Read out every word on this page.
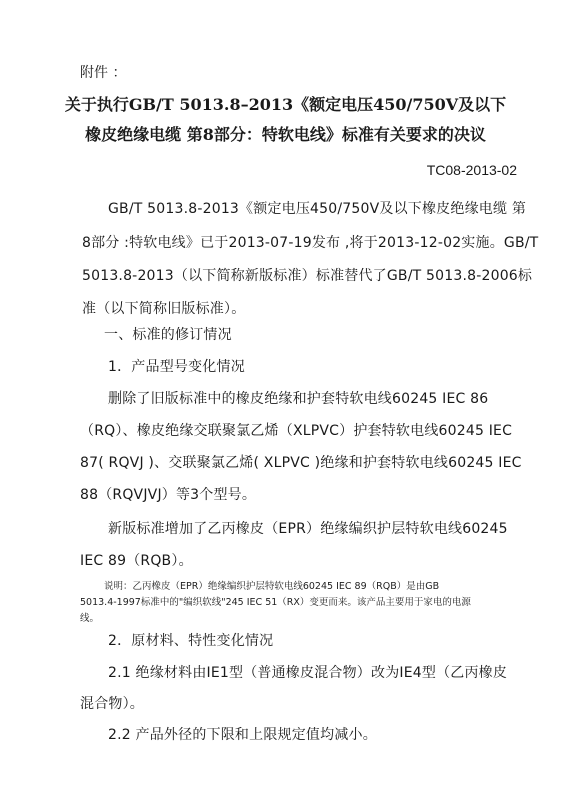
附件 ：
关于执行GB/T 5013.8–2013《额定电压450/750V及以下
橡皮绝缘电缆 第8部分：特软电线》标准有关要求的决议
TC08-2013-02
GB/T 5013.8-2013《额定电压450/750V及以下橡皮绝缘电缆 第
8部分 :特软电线》已于2013-07-19发布 ,将于2013-12-02实施。GB/T
5013.8-2013（以下简称新版标准）标准替代了GB/T 5013.8-2006标
准（以下简称旧版标准）。
一、标准的修订情况
1．产品型号变化情况
删除了旧版标准中的橡皮绝缘和护套特软电线60245 IEC 86
（RQ）、橡皮绝缘交联聚氯乙烯（XLPVC）护套特软电线60245 IEC
87( RQVJ )、交联聚氯乙烯( XLPVC )绝缘和护套特软电线60245 IEC
88（RQVJVJ）等3个型号。
新版标准增加了乙丙橡皮（EPR）绝缘编织护层特软电线60245
IEC 89（RQB）。
说明：乙丙橡皮（EPR）绝缘编织护层特软电线60245 IEC 89（RQB）是由GB
5013.4-1997标准中的"编织软线"245 IEC 51（RX）变更而来。该产品主要用于家电的电源
线。
2．原材料、特性变化情况
2.1 绝缘材料由IE1型（普通橡皮混合物）改为IE4型（乙丙橡皮
混合物）。
2.2 产品外径的下限和上限规定值均减小。
